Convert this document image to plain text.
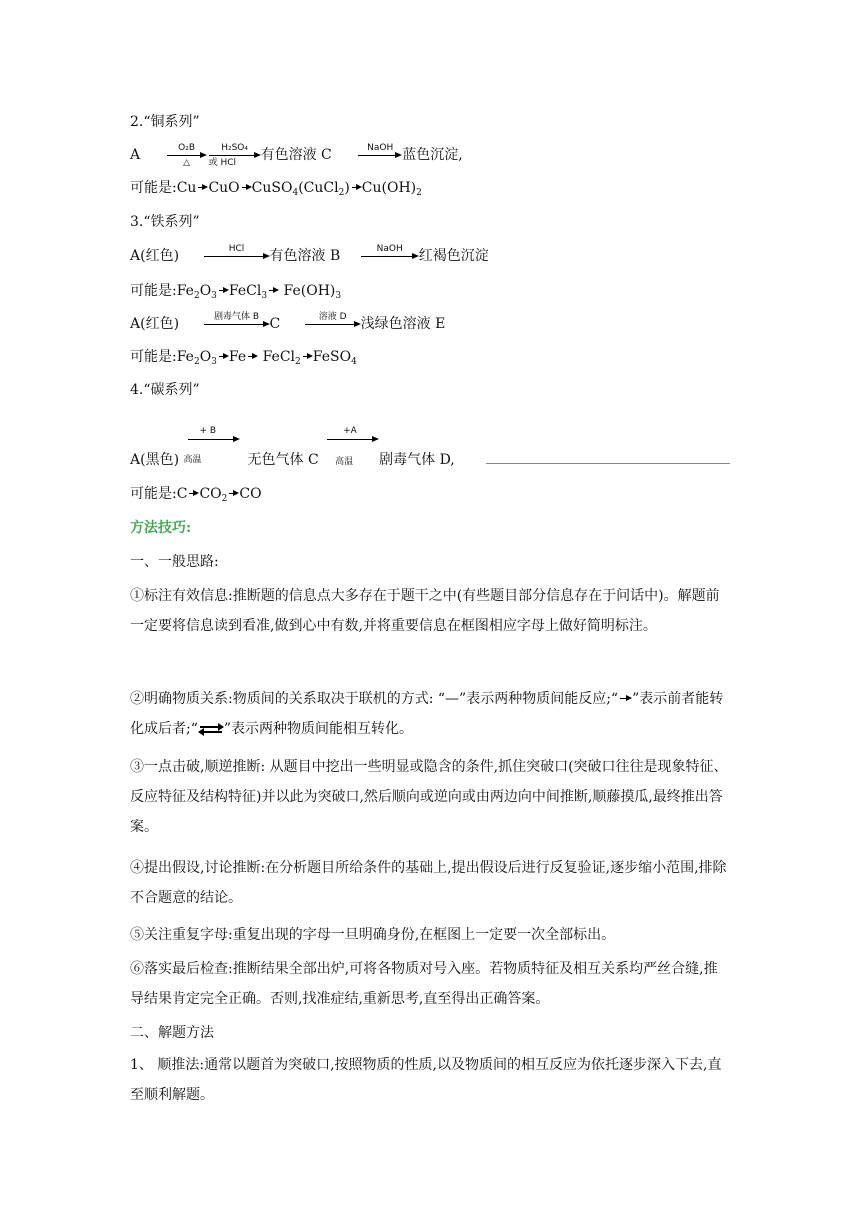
2.“铜系列”
A	O₂B
△
H₂SO₄
或 HCl	有色溶液 C	NaOH 蓝色沉淀,
可能是:Cu CuO CuSO$_4$(CuCl$_2$) $Cu(OH)_2$
3.“铁系列”
A(红色)	HCl	有色溶液 B	NaOH	红褐色沉淀
可能是$:Fe_2O_3$ FeCl$_3$
$Fe(OH)_3$
A(红色)	剧毒气体 B C	溶液 D	浅绿色溶液 E
可能是$:Fe_2O_3$ Fe
FeCl$_2$ FeSO$_4$
4.“碳系列”
A(黑色)
+ B
高温	无色气体 C
+A
高温	剧毒气体 D,
可能是:C $CO_2$ CO
方法技巧:
一、一般思路:
①标注有效信息:推断题的信息点大多存在于题干之中(有些题目部分信息存在于问话中)。解题前一定要将信息读到看准,做到心中有数,并将重要信息在框图相应字母上做好简明标注。
②明确物质关系:物质间的关系取决于联机的方式: “—”表示两种物质间能反应;“ ”表示前者能转化成后者;“ ”表示两种物质间能相互转化。
③一点击破,顺逆推断: 从题目中挖出一些明显或隐含的条件,抓住突破口(突破口往往是现象特征、反应特征及结构特征)并以此为突破口,然后顺向或逆向或由两边向中间推断,顺藤摸瓜,最终推出答案。
④提出假设,讨论推断:在分析题目所给条件的基础上,提出假设后进行反复验证,逐步缩小范围,排除不合题意的结论。
⑤关注重复字母:重复出现的字母一旦明确身份,在框图上一定要一次全部标出。
⑥落实最后检查:推断结果全部出炉,可将各物质对号入座。若物质特征及相互关系均严丝合缝,推导结果肯定完全正确。否则,找准症结,重新思考,直至得出正确答案。
二、解题方法
1、 顺推法:通常以题首为突破口,按照物质的性质,以及物质间的相互反应为依托逐步深入下去,直至顺利解题。
